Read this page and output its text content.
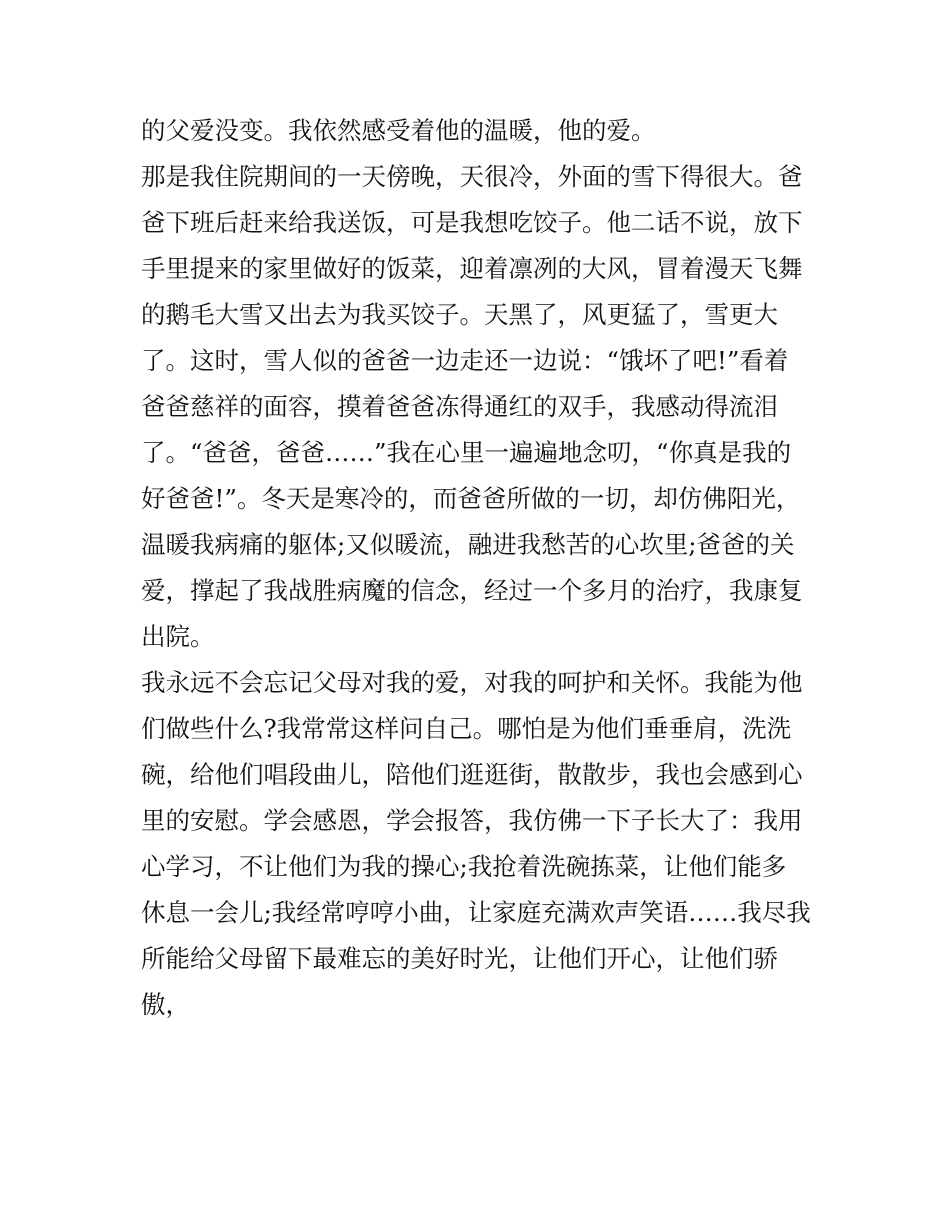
的父爱没变。我依然感受着他的温暖，他的爱。
那是我住院期间的一天傍晚，天很冷，外面的雪下得很大。爸
爸下班后赶来给我送饭，可是我想吃饺子。他二话不说，放下
手里提来的家里做好的饭菜，迎着凛冽的大风，冒着漫天飞舞
的鹅毛大雪又出去为我买饺子。天黑了，风更猛了，雪更大
了。这时，雪人似的爸爸一边走还一边说：“饿坏了吧!”看着
爸爸慈祥的面容，摸着爸爸冻得通红的双手，我感动得流泪
了。“爸爸，爸爸……”我在心里一遍遍地念叨，“你真是我的
好爸爸!”。冬天是寒冷的，而爸爸所做的一切，却仿佛阳光，
温暖我病痛的躯体;又似暖流，融进我愁苦的心坎里;爸爸的关
爱，撑起了我战胜病魔的信念，经过一个多月的治疗，我康复
出院。
我永远不会忘记父母对我的爱，对我的呵护和关怀。我能为他
们做些什么?我常常这样问自己。哪怕是为他们垂垂肩，洗洗
碗，给他们唱段曲儿，陪他们逛逛街，散散步，我也会感到心
里的安慰。学会感恩，学会报答，我仿佛一下子长大了：我用
心学习，不让他们为我的操心;我抢着洗碗拣菜，让他们能多
休息一会儿;我经常哼哼小曲，让家庭充满欢声笑语……我尽我
所能给父母留下最难忘的美好时光，让他们开心，让他们骄
傲，
